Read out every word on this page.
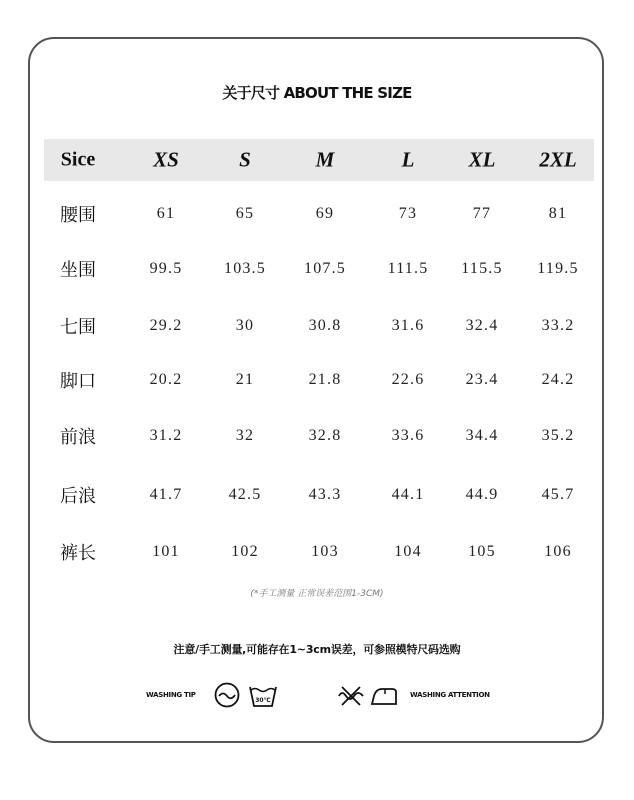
关于尺寸 ABOUT THE SIZE
Sice	XS	S	M	L	XL 2XL
腰围	61	65	69	73	77	81
坐围	99.5	103.5 107.5	111.5 115.5 119.5
七围	29.2	30	30.8	31.6	32.4	33.2
脚口	20.2	21	21.8	22.6	23.4	24.2
前浪	31.2	32	32.8	33.6	34.4	35.2
后浪	41.7	42.5	43.3	44.1	44.9	45.7
裤长	101	102	103	104	105	106
(*手工测量 正常误差范围1-3CM)
注意/手工测量,可能存在1~3cm误差，可参照模特尺码选购
WASHING TIP
30℃
WASHING ATTENTION
